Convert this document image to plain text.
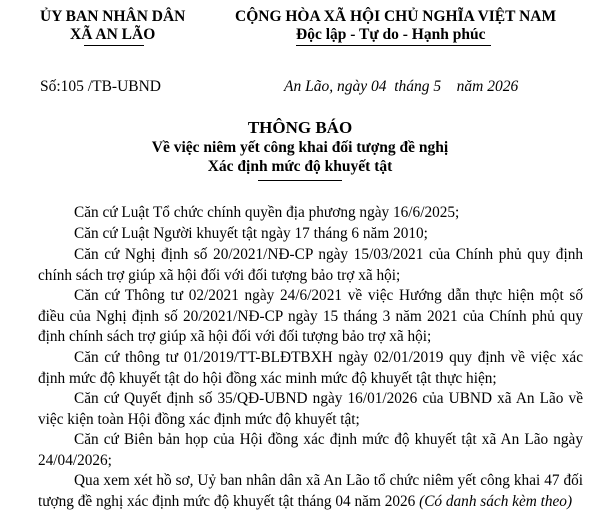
ỦY BAN NHÂN DÂN
XÃ AN LÃO
Số:105 /TB-UBND
CỘNG HÒA XÃ HỘI CHỦ NGHĨA VIỆT NAM
Độc lập - Tự do - Hạnh phúc
An Lão, ngày 04  tháng 5    năm 2026
THÔNG BÁO
Về việc niêm yết công khai đối tượng đề nghị
Xác định mức độ khuyết tật
Căn cứ Luật Tổ chức chính quyền địa phương ngày 16/6/2025;
Căn cứ Luật Người khuyết tật ngày 17 tháng 6 năm 2010;
Căn cứ Nghị định số 20/2021/NĐ-CP ngày 15/03/2021 của Chính phủ quy định chính sách trợ giúp xã hội đối với đối tượng bảo trợ xã hội;
Căn cứ Thông tư 02/2021 ngày 24/6/2021 về việc Hướng dẫn thực hiện một số điều của Nghị định số 20/2021/NĐ-CP ngày 15 tháng 3 năm 2021 của Chính phủ quy định chính sách trợ giúp xã hội đối với đối tượng bảo trợ xã hội;
Căn cứ thông tư 01/2019/TT-BLĐTBXH ngày 02/01/2019 quy định về việc xác định mức độ khuyết tật do hội đồng xác minh mức độ khuyết tật thực hiện;
Căn cứ Quyết định số 35/QĐ-UBND ngày 16/01/2026 của UBND xã An Lão về việc kiện toàn Hội đồng xác định mức độ khuyết tật;
Căn cứ Biên bản họp của Hội đồng xác định mức độ khuyết tật xã An Lão ngày 24/04/2026;
Qua xem xét hồ sơ, Uỷ ban nhân dân xã An Lão tổ chức niêm yết công khai 47 đối tượng đề nghị xác định mức độ khuyết tật tháng 04 năm 2026 (Có danh sách kèm theo)
